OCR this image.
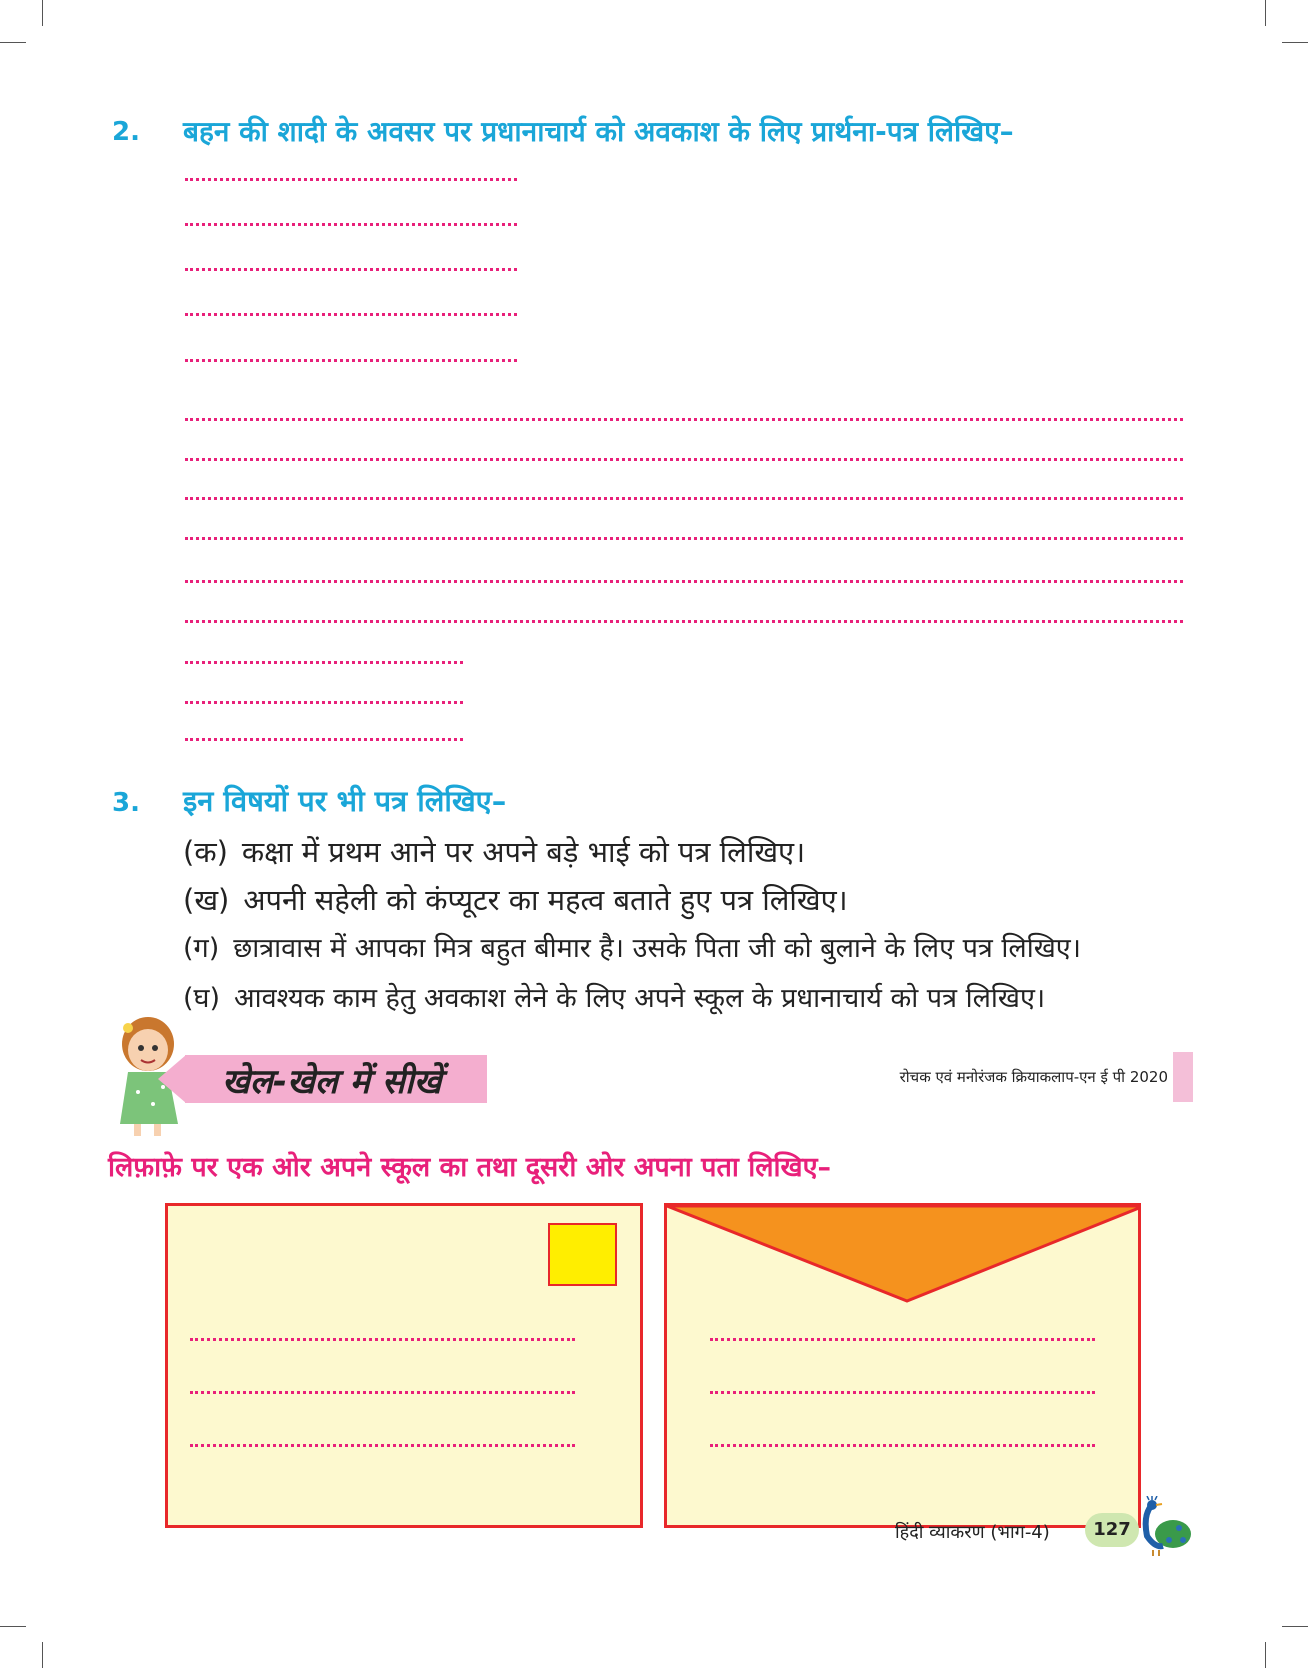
2. बहन की शादी के अवसर पर प्रधानाचार्य को अवकाश के लिए प्रार्थना-पत्र लिखिए–
3. इन विषयों पर भी पत्र लिखिए–
(क) कक्षा में प्रथम आने पर अपने बड़े भाई को पत्र लिखिए।
(ख) अपनी सहेली को कंप्यूटर का महत्व बताते हुए पत्र लिखिए।
(ग) छात्रावास में आपका मित्र बहुत बीमार है। उसके पिता जी को बुलाने के लिए पत्र लिखिए।
(घ) आवश्यक काम हेतु अवकाश लेने के लिए अपने स्कूल के प्रधानाचार्य को पत्र लिखिए।
खेल-खेल में सीखें	रोचक एवं मनोरंजक क्रियाकलाप-एन ई पी 2020
लिफ़ाफ़े पर एक ओर अपने स्कूल का तथा दूसरी ओर अपना पता लिखिए–
हिंदी व्याकरण (भाग-4)	127
